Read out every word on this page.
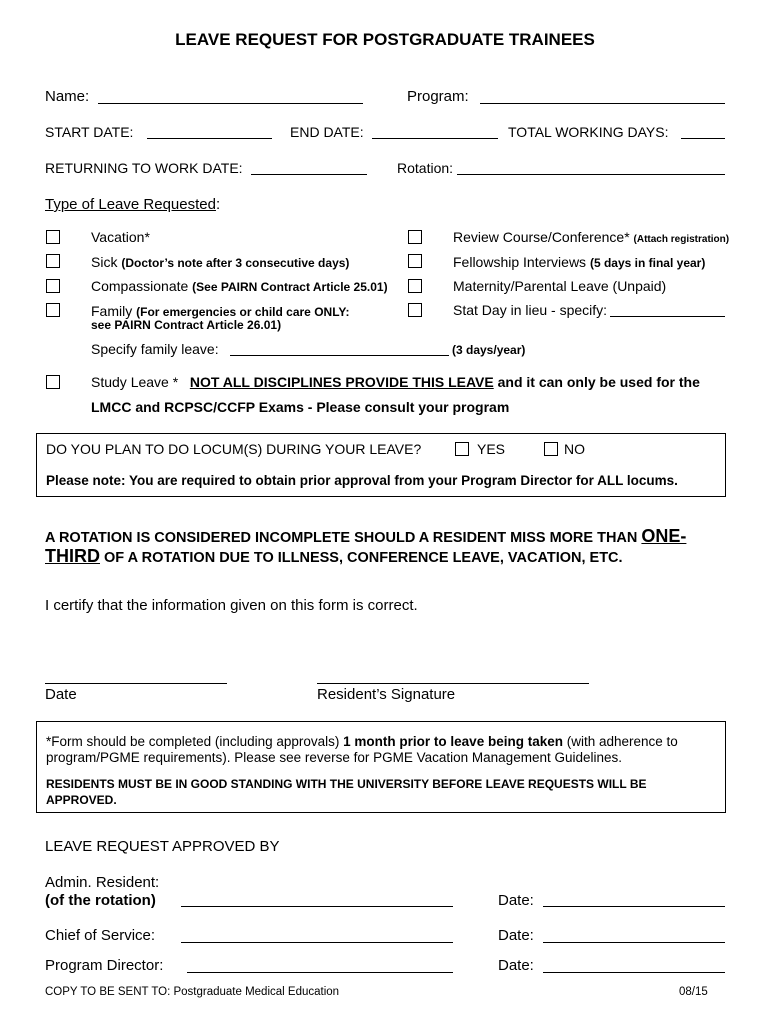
LEAVE REQUEST FOR POSTGRADUATE TRAINEES
Name:	Program:
START DATE:	END DATE:	TOTAL WORKING DAYS:
RETURNING TO WORK DATE:	Rotation:
Type of Leave Requested:
Vacation*
Sick (Doctor’s note after 3 consecutive days)
Compassionate (See PAIRN Contract Article 25.01)
Family (For emergencies or child care ONLY:
see PAIRN Contract Article 26.01)
Specify family leave:	(3 days/year)
Review Course/Conference* (Attach registration)
Fellowship Interviews (5 days in final year)
Maternity/Parental Leave (Unpaid)
Stat Day in lieu - specify:
Study Leave * NOT ALL DISCIPLINES PROVIDE THIS LEAVE and it can only be used for the
LMCC and RCPSC/CCFP Exams - Please consult your program
DO YOU PLAN TO DO LOCUM(S) DURING YOUR LEAVE?	YES	NO
Please note: You are required to obtain prior approval from your Program Director for ALL locums.
A ROTATION IS CONSIDERED INCOMPLETE SHOULD A RESIDENT MISS MORE THAN ONE-
THIRD OF A ROTATION DUE TO ILLNESS, CONFERENCE LEAVE, VACATION, ETC.
I certify that the information given on this form is correct.
Date	Resident’s Signature
*Form should be completed (including approvals) 1 month prior to leave being taken (with adherence to
program/PGME requirements). Please see reverse for PGME Vacation Management Guidelines.
RESIDENTS MUST BE IN GOOD STANDING WITH THE UNIVERSITY BEFORE LEAVE REQUESTS WILL BE
APPROVED.
LEAVE REQUEST APPROVED BY
Admin. Resident:
(of the rotation)	Date:
Chief of Service:	Date:
Program Director:	Date:
COPY TO BE SENT TO: Postgraduate Medical Education	08/15
